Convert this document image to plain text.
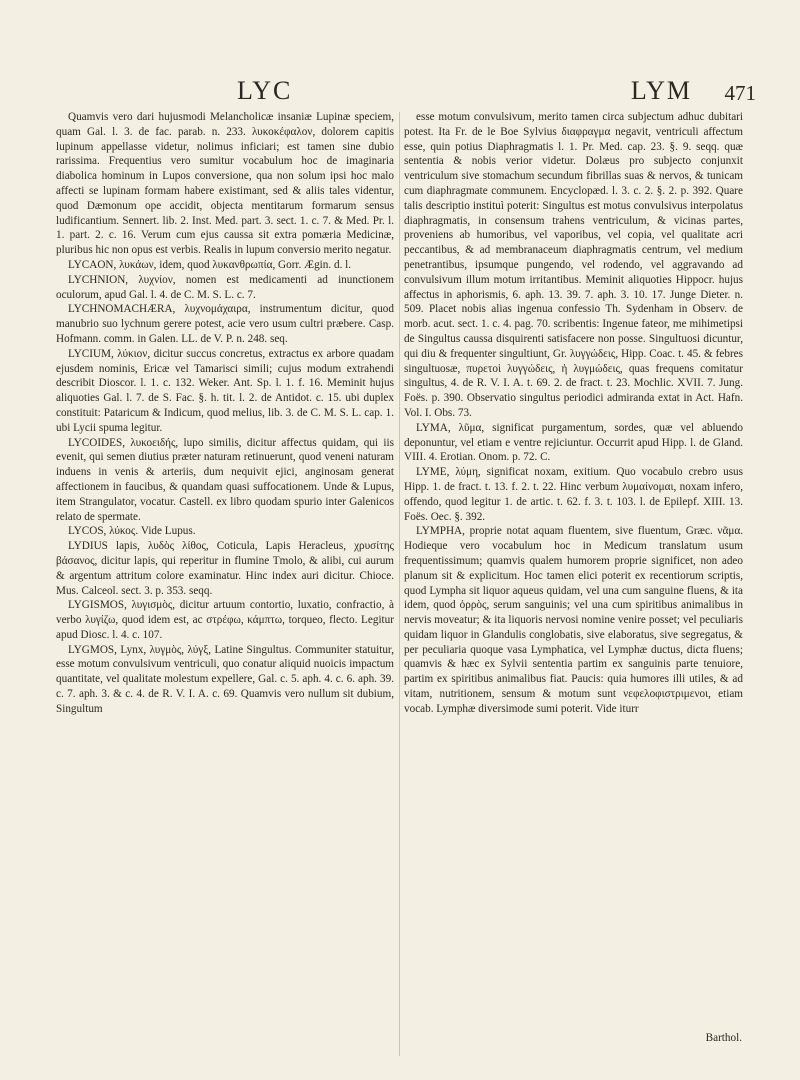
LYC	LYM 471

Quamvis vero dari hujusmodi Melancholicæ insaniæ Lupinæ speciem, quam Gal. l. 3. de fac. parab. n. 233. λυκοκέφαλον, dolorem capitis lupinum appellasse videtur, nolimus inficiari; est tamen sine dubio rarissima. Frequentius vero sumitur vocabulum hoc de imaginaria diabolica hominum in Lupos conversione, qua non solum ipsi hoc malo affecti se lupinam formam habere existimant, sed & aliis tales videntur, quod Dæmonum ope accidit, objecta mentitarum formarum sensus ludificantium. Sennert. lib. 2. Inst. Med. part. 3. sect. 1. c. 7. & Med. Pr. l. 1. part. 2. c. 16. Verum cum ejus caussa sit extra pomæria Medicinæ, pluribus hic non opus est verbis. Realis in lupum conversio merito negatur.

LYCAON, λυκάων, idem, quod λυκανθρωπία, Gorr. Ægin. d. l.

LYCHNION, λυχνίον, nomen est medicamenti ad inunctionem oculorum, apud Gal. l. 4. de C. M. S. L. c. 7.

LYCHNOMACHÆRA, λυχνομάχαιρα, instrumentum dicitur, quod manubrio suo lychnum gerere potest, acie vero usum cultri præbere. Casp. Hofmann. comm. in Galen. LL. de V. P. n. 248. seq.

LYCIUM, λύκιον, dicitur succus concretus, extractus ex arbore quadam ejusdem nominis, Ericæ vel Tamarisci simili; cujus modum extrahendi describit Dioscor. l. 1. c. 132. Weker. Ant. Sp. l. 1. f. 16. Meminit hujus aliquoties Gal. l. 7. de S. Fac. §. h. tit. l. 2. de Antidot. c. 15. ubi duplex constituit: Pataricum & Indicum, quod melius, lib. 3. de C. M. S. L. cap. 1. ubi Lycii spuma legitur.

LYCOIDES, λυκοειδής, lupo similis, dicitur affectus quidam, qui iis evenit, qui semen diutius præter naturam retinuerunt, quod veneni naturam induens in venis & arteriis, dum nequivit ejici, anginosam generat affectionem in faucibus, & quandam quasi suffocationem. Unde & Lupus, item Strangulator, vocatur. Castell. ex libro quodam spurio inter Galenicos relato de spermate.

LYCOS, λύκος. Vide Lupus.

LYDIUS lapis, λυδὸς λίθος, Coticula, Lapis Heracleus, χρυσίτης βάσανος, dicitur lapis, qui reperitur in flumine Tmolo, & alibi, cui aurum & argentum attritum colore examinatur. Hinc index auri dicitur. Chioce. Mus. Calceol. sect. 3. p. 353. seqq.

LYGISMOS, λυγισμὸς, dicitur artuum contortio, luxatio, confractio, à verbo λυγίζω, quod idem est, ac στρέφω, κάμπτω, torqueo, flecto. Legitur apud Diosc. l. 4. c. 107.

LYGMOS, Lynx, λυγμὸς, λύγξ, Latine Singultus. Communiter statuitur, esse motum convulsivum ventriculi, quo conatur aliquid nuoicis impactum quantitate, vel qualitate molestum expellere, Gal. c. 5. aph. 4. c. 6. aph. 39. c. 7. aph. 3. & c. 4. de R. V. I. A. c. 69. Quamvis vero nullum sit dubium, Singultum

esse motum convulsivum, merito tamen circa subjectum adhuc dubitari potest. Ita Fr. de le Boe Sylvius διαφραγμα negavit, ventriculi affectum esse, quin potius Diaphragmatis l. 1. Pr. Med. cap. 23. §. 9. seqq. quæ sententia & nobis verior videtur. Dolæus pro subjecto conjunxit ventriculum sive stomachum secundum fibrillas suas & nervos, & tunicam cum diaphragmate communem. Encyclopæd. l. 3. c. 2. §. 2. p. 392. Quare talis descriptio instituì poterit: Singultus est motus convulsivus interpolatus diaphragmatis, in consensum trahens ventriculum, & vicinas partes, proveniens ab humoribus, vel vaporibus, vel copia, vel qualitate acri peccantibus, & ad membranaceum diaphragmatis centrum, vel medium penetrantibus, ipsumque pungendo, vel rodendo, vel aggravando ad convulsivum illum motum irritantibus. Meminit aliquoties Hippocr. hujus affectus in aphorismis, 6. aph. 13. 39. 7. aph. 3. 10. 17. Junge Dieter. n. 509. Placet nobis alias ingenua confessio Th. Sydenham in Observ. de morb. acut. sect. 1. c. 4. pag. 70. scribentis: Ingenue fateor, me mihimetipsi de Singultus caussa disquirenti satisfacere non posse. Singultuosi dicuntur, qui diu & frequenter singultiunt, Gr. λυγγώδεις, Hipp. Coac. t. 45. & febres singultuosæ, πυρετοὶ λυγγώδεις, ἡ λυγμώδεις, quas frequens comitatur singultus, 4. de R. V. I. A. t. 69. 2. de fract. t. 23. Mochlic. XVII. 7. Jung. Foës. p. 390. Observatio singultus periodici admiranda extat in Act. Hafn. Vol. I. Obs. 73.

LYMA, λῦμα, significat purgamentum, sordes, quæ vel abluendo deponuntur, vel etiam e ventre rejiciuntur. Occurrit apud Hipp. l. de Gland. VIII. 4. Erotian. Onom. p. 72. C.

LYME, λύμη, significat noxam, exitium. Quo vocabulo crebro usus Hipp. 1. de fract. t. 13. f. 2. t. 22. Hinc verbum λυμαίνομαι, noxam infero, offendo, quod legitur 1. de artic. t. 62. f. 3. t. 103. l. de Epilepf. XIII. 13. Foës. Oec. §. 392.

LYMPHA, proprie notat aquam fluentem, sive fluentum, Græc. νᾶμα. Hodieque vero vocabulum hoc in Medicum translatum usum frequentissimum; quamvis qualem humorem proprie significet, non adeo planum sit & explicitum. Hoc tamen elici poterit ex recentiorum scriptis, quod Lympha sit liquor aqueus quidam, vel una cum sanguine fluens, & ita idem, quod ὀρρὸς, serum sanguinis; vel una cum spiritibus animalibus in nervis moveatur; & ita liquoris nervosi nomine venire posset; vel peculiaris quidam liquor in Glandulis conglobatis, sive elaboratus, sive segregatus, & per peculiaria quoque vasa Lymphatica, vel Lymphæ ductus, dicta fluens; quamvis & hæc ex Sylvii sententia partim ex sanguinis parte tenuiore, partim ex spiritibus animalibus fiat. Paucis: quia humores illi utiles, & ad vitam, nutritionem, sensum & motum sunt νεφελοφιστριμενοι, etiam vocab. Lymphæ diversimode sumi poterit. Vide iturr

Barthol.
